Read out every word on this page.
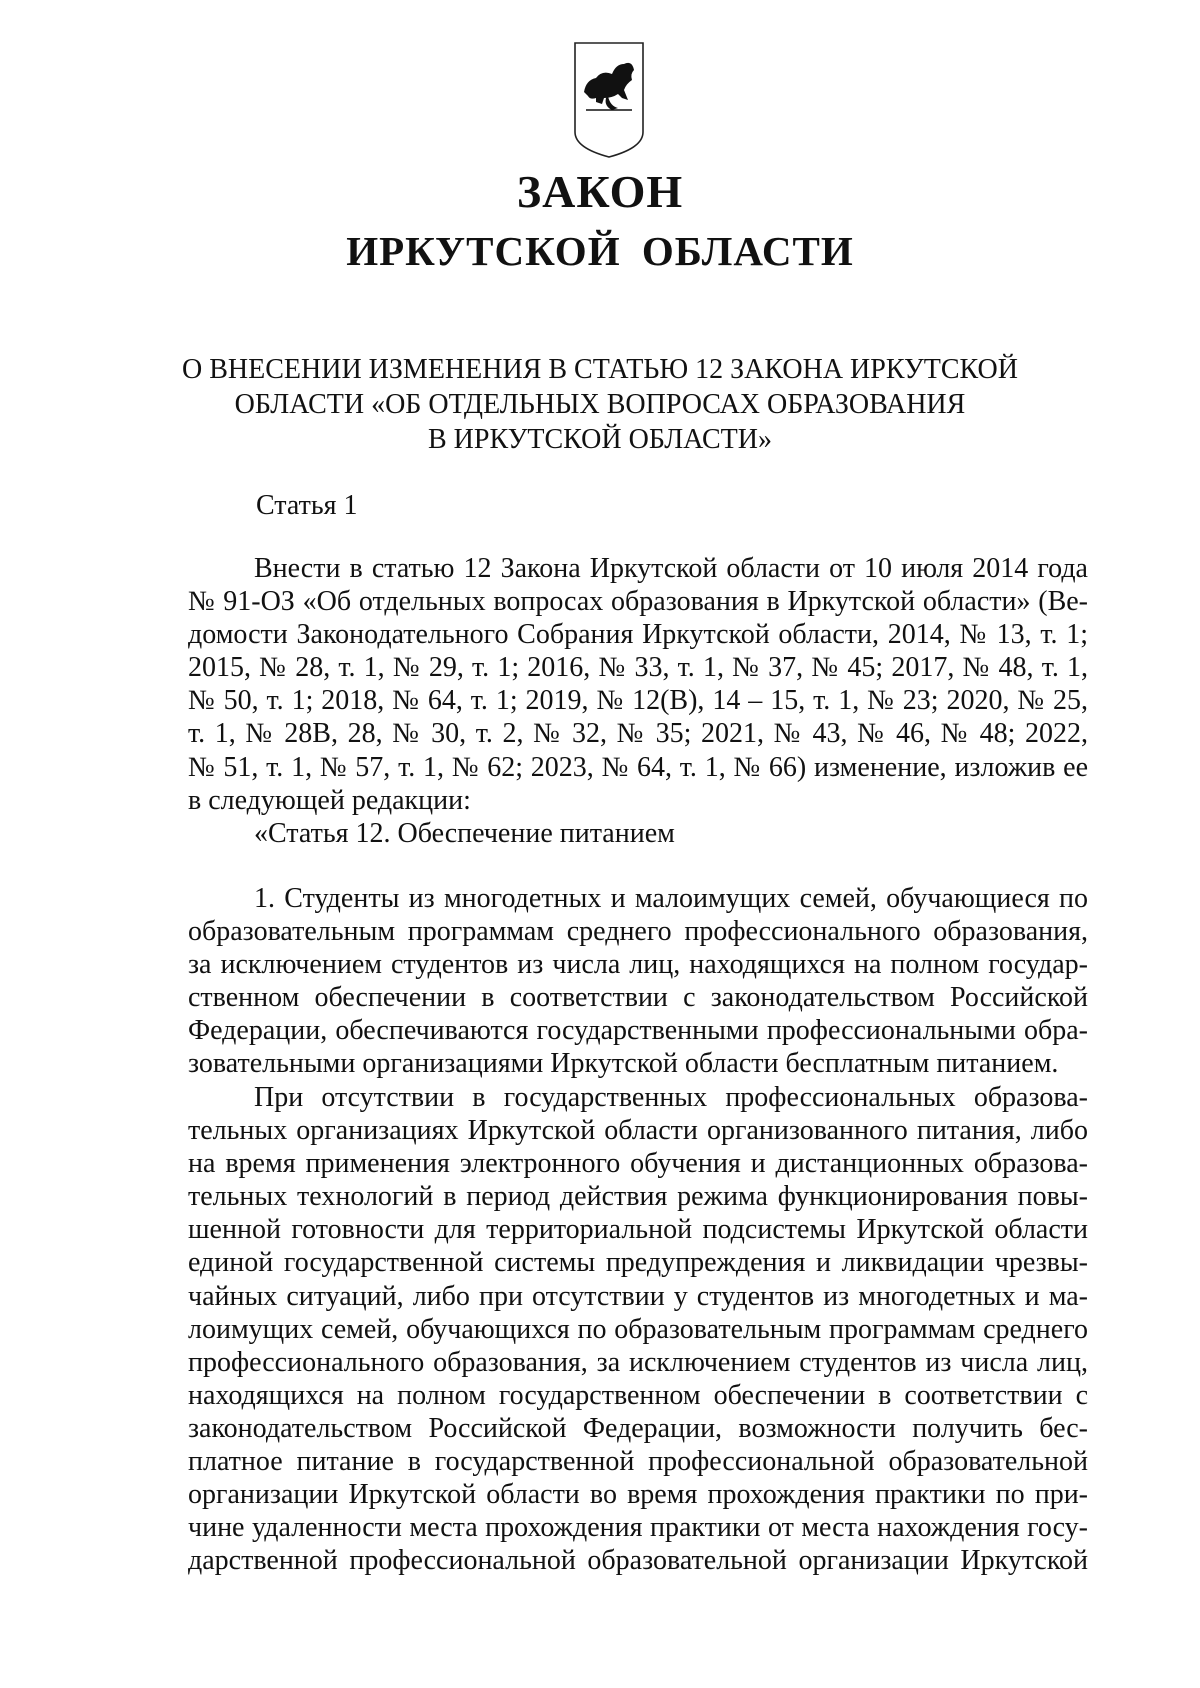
ЗАКОН
ИРКУТСКОЙ ОБЛАСТИ
О ВНЕСЕНИИ ИЗМЕНЕНИЯ В СТАТЬЮ 12 ЗАКОНА ИРКУТСКОЙ
ОБЛАСТИ «ОБ ОТДЕЛЬНЫХ ВОПРОСАХ ОБРАЗОВАНИЯ
В ИРКУТСКОЙ ОБЛАСТИ»
Статья 1
Внести в статью 12 Закона Иркутской области от 10 июля 2014 года
№ 91-ОЗ «Об отдельных вопросах образования в Иркутской области» (Ве-
домости Законодательного Собрания Иркутской области, 2014, № 13, т. 1;
2015, № 28, т. 1, № 29, т. 1; 2016, № 33, т. 1, № 37, № 45; 2017, № 48, т. 1,
№ 50, т. 1; 2018, № 64, т. 1; 2019, № 12(В), 14 – 15, т. 1, № 23; 2020, № 25,
т. 1, № 28В, 28, № 30, т. 2, № 32, № 35; 2021, № 43, № 46, № 48; 2022,
№ 51, т. 1, № 57, т. 1, № 62; 2023, № 64, т. 1, № 66) изменение, изложив ее
в следующей редакции:
«Статья 12. Обеспечение питанием
1. Студенты из многодетных и малоимущих семей, обучающиеся по
образовательным программам среднего профессионального образования,
за исключением студентов из числа лиц, находящихся на полном государ-
ственном обеспечении в соответствии с законодательством Российской
Федерации, обеспечиваются государственными профессиональными обра-
зовательными организациями Иркутской области бесплатным питанием.
При отсутствии в государственных профессиональных образова-
тельных организациях Иркутской области организованного питания, либо
на время применения электронного обучения и дистанционных образова-
тельных технологий в период действия режима функционирования повы-
шенной готовности для территориальной подсистемы Иркутской области
единой государственной системы предупреждения и ликвидации чрезвы-
чайных ситуаций, либо при отсутствии у студентов из многодетных и ма-
лоимущих семей, обучающихся по образовательным программам среднего
профессионального образования, за исключением студентов из числа лиц,
находящихся на полном государственном обеспечении в соответствии с
законодательством Российской Федерации, возможности получить бес-
платное питание в государственной профессиональной образовательной
организации Иркутской области во время прохождения практики по при-
чине удаленности места прохождения практики от места нахождения госу-
дарственной профессиональной образовательной организации Иркутской
